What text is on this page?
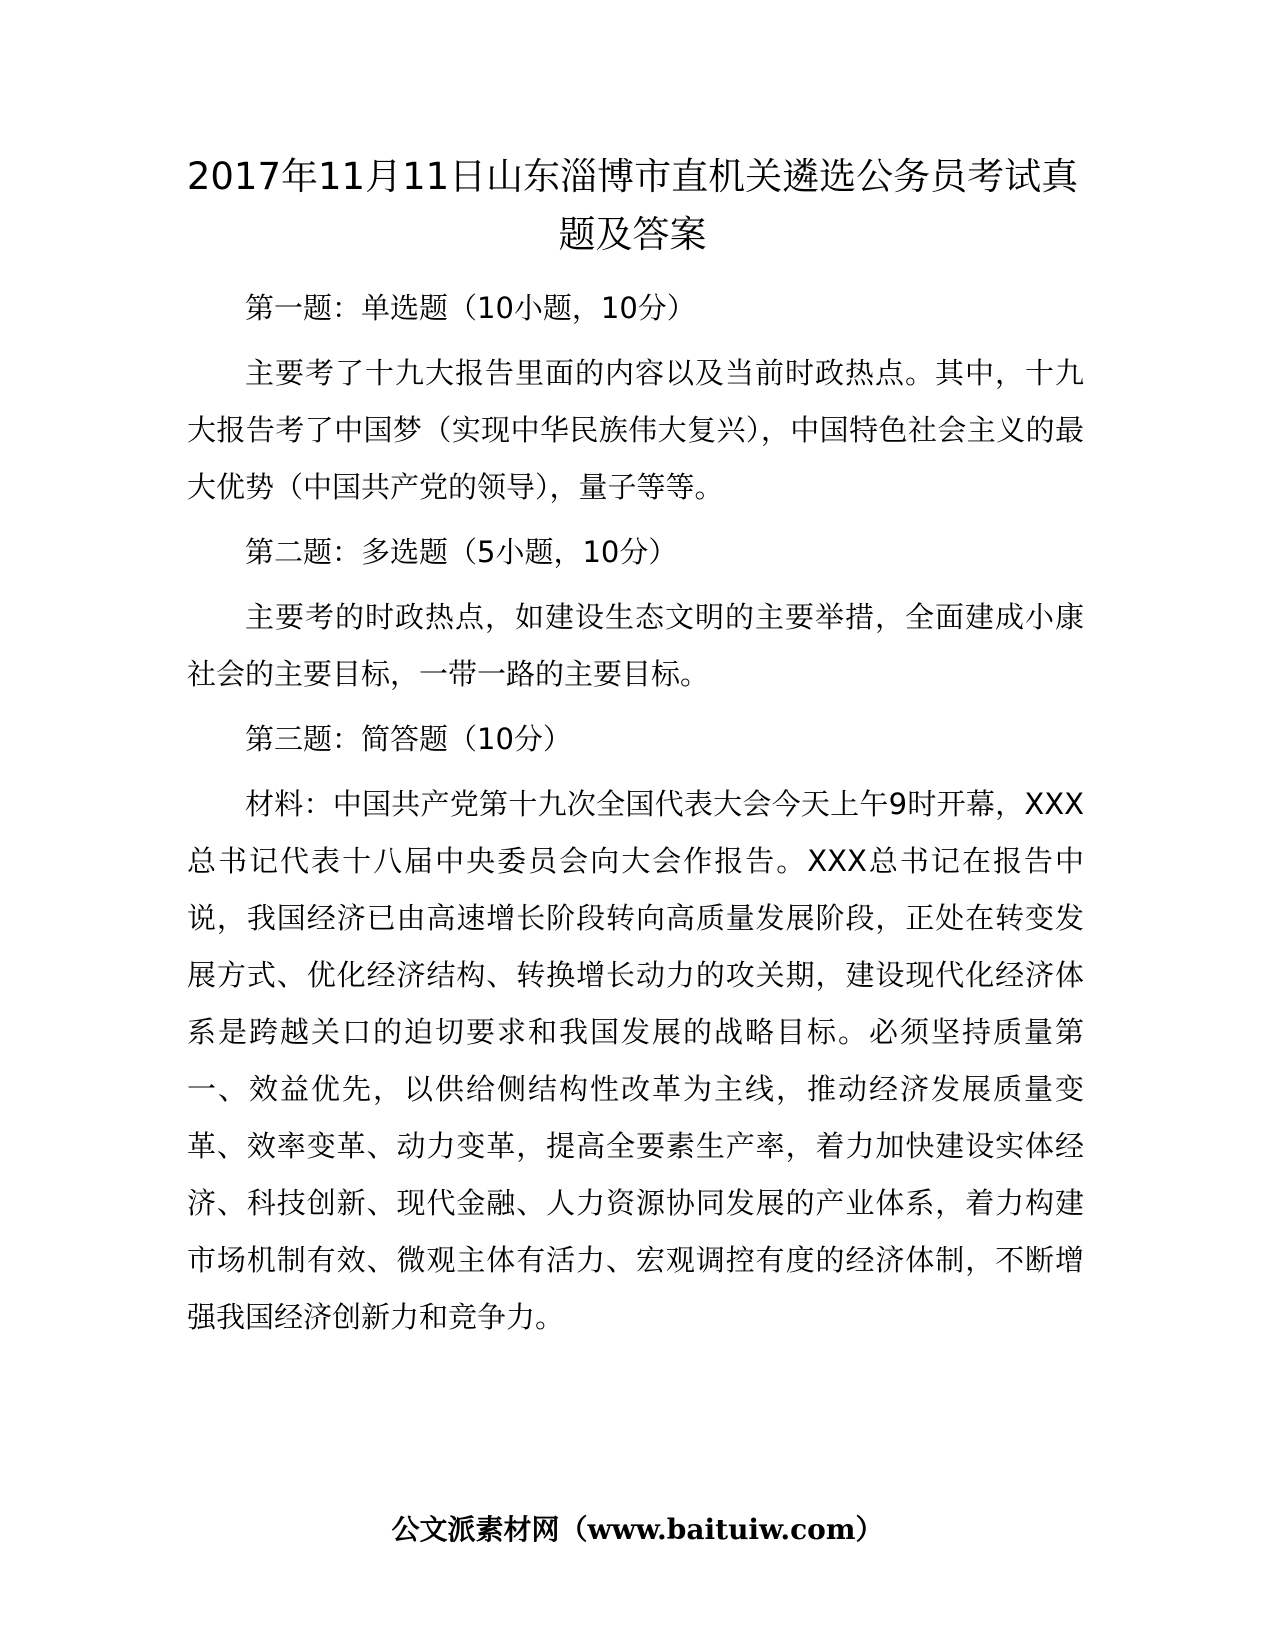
2017年11月11日山东淄博市直机关遴选公务员考试真题及答案

第一题：单选题（10小题，10分）

主要考了十九大报告里面的内容以及当前时政热点。其中，十九大报告考了中国梦（实现中华民族伟大复兴），中国特色社会主义的最大优势（中国共产党的领导），量子等等。

第二题：多选题（5小题，10分）

主要考的时政热点，如建设生态文明的主要举措，全面建成小康社会的主要目标，一带一路的主要目标。

第三题：简答题（10分）

材料：中国共产党第十九次全国代表大会今天上午9时开幕，XXX总书记代表十八届中央委员会向大会作报告。XXX总书记在报告中说，我国经济已由高速增长阶段转向高质量发展阶段，正处在转变发展方式、优化经济结构、转换增长动力的攻关期，建设现代化经济体系是跨越关口的迫切要求和我国发展的战略目标。必须坚持质量第一、效益优先，以供给侧结构性改革为主线，推动经济发展质量变革、效率变革、动力变革，提高全要素生产率，着力加快建设实体经济、科技创新、现代金融、人力资源协同发展的产业体系，着力构建市场机制有效、微观主体有活力、宏观调控有度的经济体制，不断增强我国经济创新力和竞争力。

公文派素材网（www.baituiw.com）
